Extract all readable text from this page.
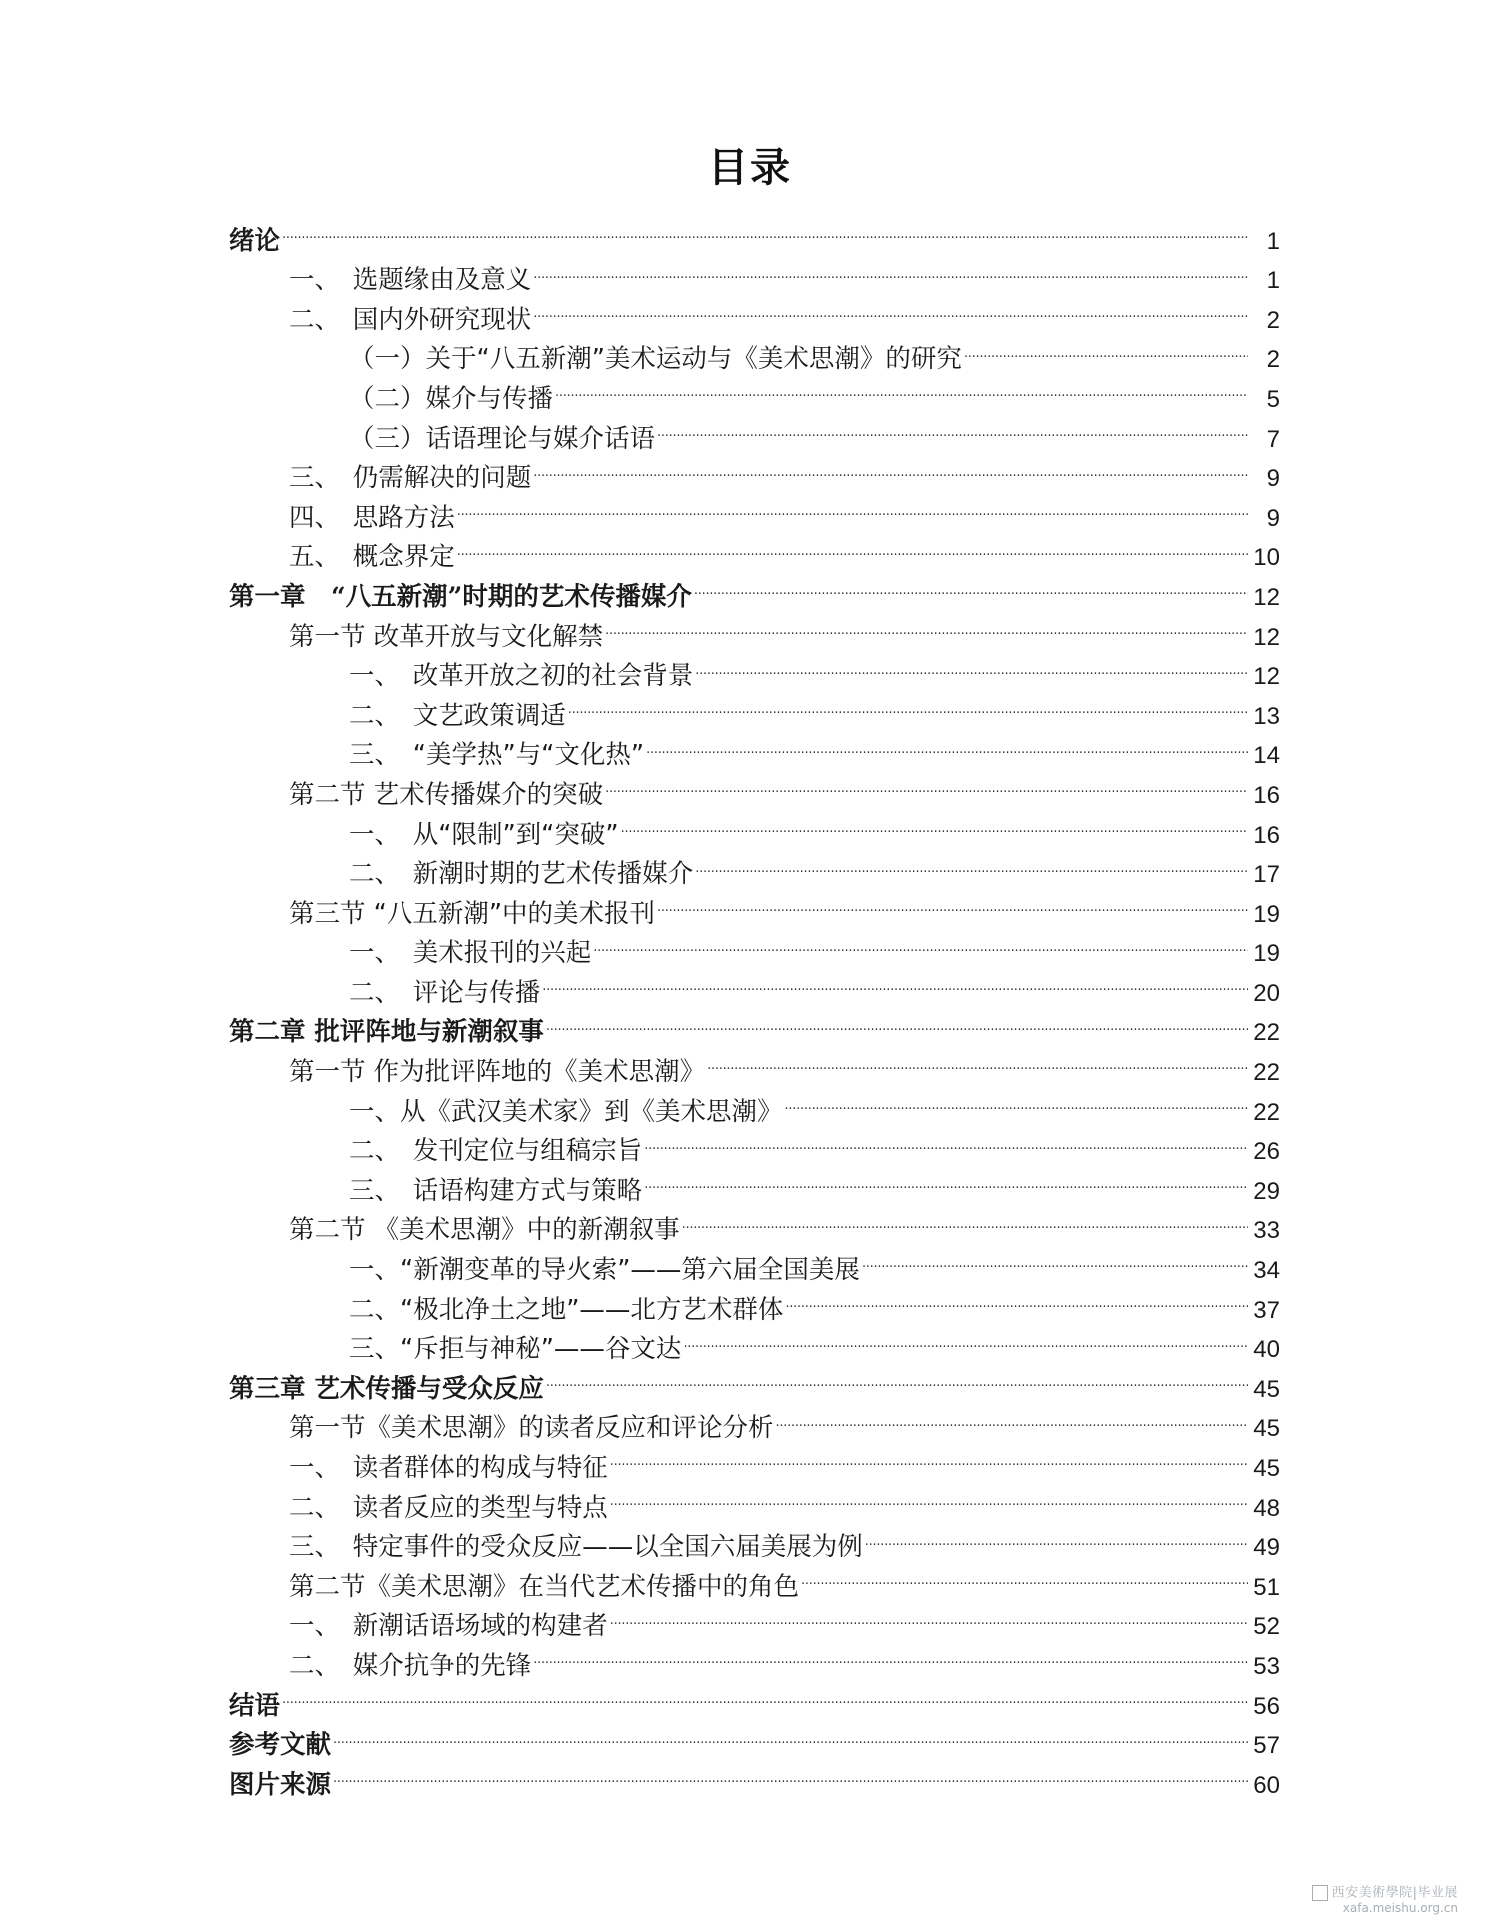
目录
绪论 . . .	1
一、　选题缘由及意义 . . .	1
二、　国内外研究现状 . . .	2
（一）关于“八五新潮”美术运动与《美术思潮》的研究 . . .	2
（二）媒介与传播 . . .	5
（三）话语理论与媒介话语 . . .	7
三、　仍需解决的问题 . . .	9
四、　思路方法 . . .	9
五、　概念界定 . . .	10
第一章　“八五新潮”时期的艺术传播媒介 . . .	12
第一节 改革开放与文化解禁 . . .	12
一、　改革开放之初的社会背景 . . .	12
二、　文艺政策调适 . . .	13
三、　“美学热”与“文化热” . . .	14
第二节 艺术传播媒介的突破 . . .	16
一、　从“限制”到“突破” . . .	16
二、　新潮时期的艺术传播媒介 . . .	17
第三节 “八五新潮”中的美术报刊 . . .	19
一、　美术报刊的兴起 . . .	19
二、　评论与传播 . . .	20
第二章 批评阵地与新潮叙事 . . .	22
第一节 作为批评阵地的《美术思潮》 . . .	22
一、从《武汉美术家》到《美术思潮》 . . .	22
二、　发刊定位与组稿宗旨 . . .	26
三、　话语构建方式与策略 . . .	29
第二节 《美术思潮》中的新潮叙事 . . .	33
一、“新潮变革的导火索”——第六届全国美展 . . .	34
二、“极北净土之地”——北方艺术群体 . . .	37
三、“斥拒与神秘”——谷文达 . . .	40
第三章 艺术传播与受众反应 . . .	45
第一节《美术思潮》的读者反应和评论分析 . . .	45
一、　读者群体的构成与特征 . . .	45
二、　读者反应的类型与特点 . . .	48
三、　特定事件的受众反应——以全国六届美展为例 . . .	49
第二节《美术思潮》在当代艺术传播中的角色 . . .	51
一、　新潮话语场域的构建者 . . .	52
二、　媒介抗争的先锋 . . .	53
结语 . . .	56
参考文献 . . .	57
图片来源 . . .	60
西安美術學院|毕业展
xafa.meishu.org.cn
